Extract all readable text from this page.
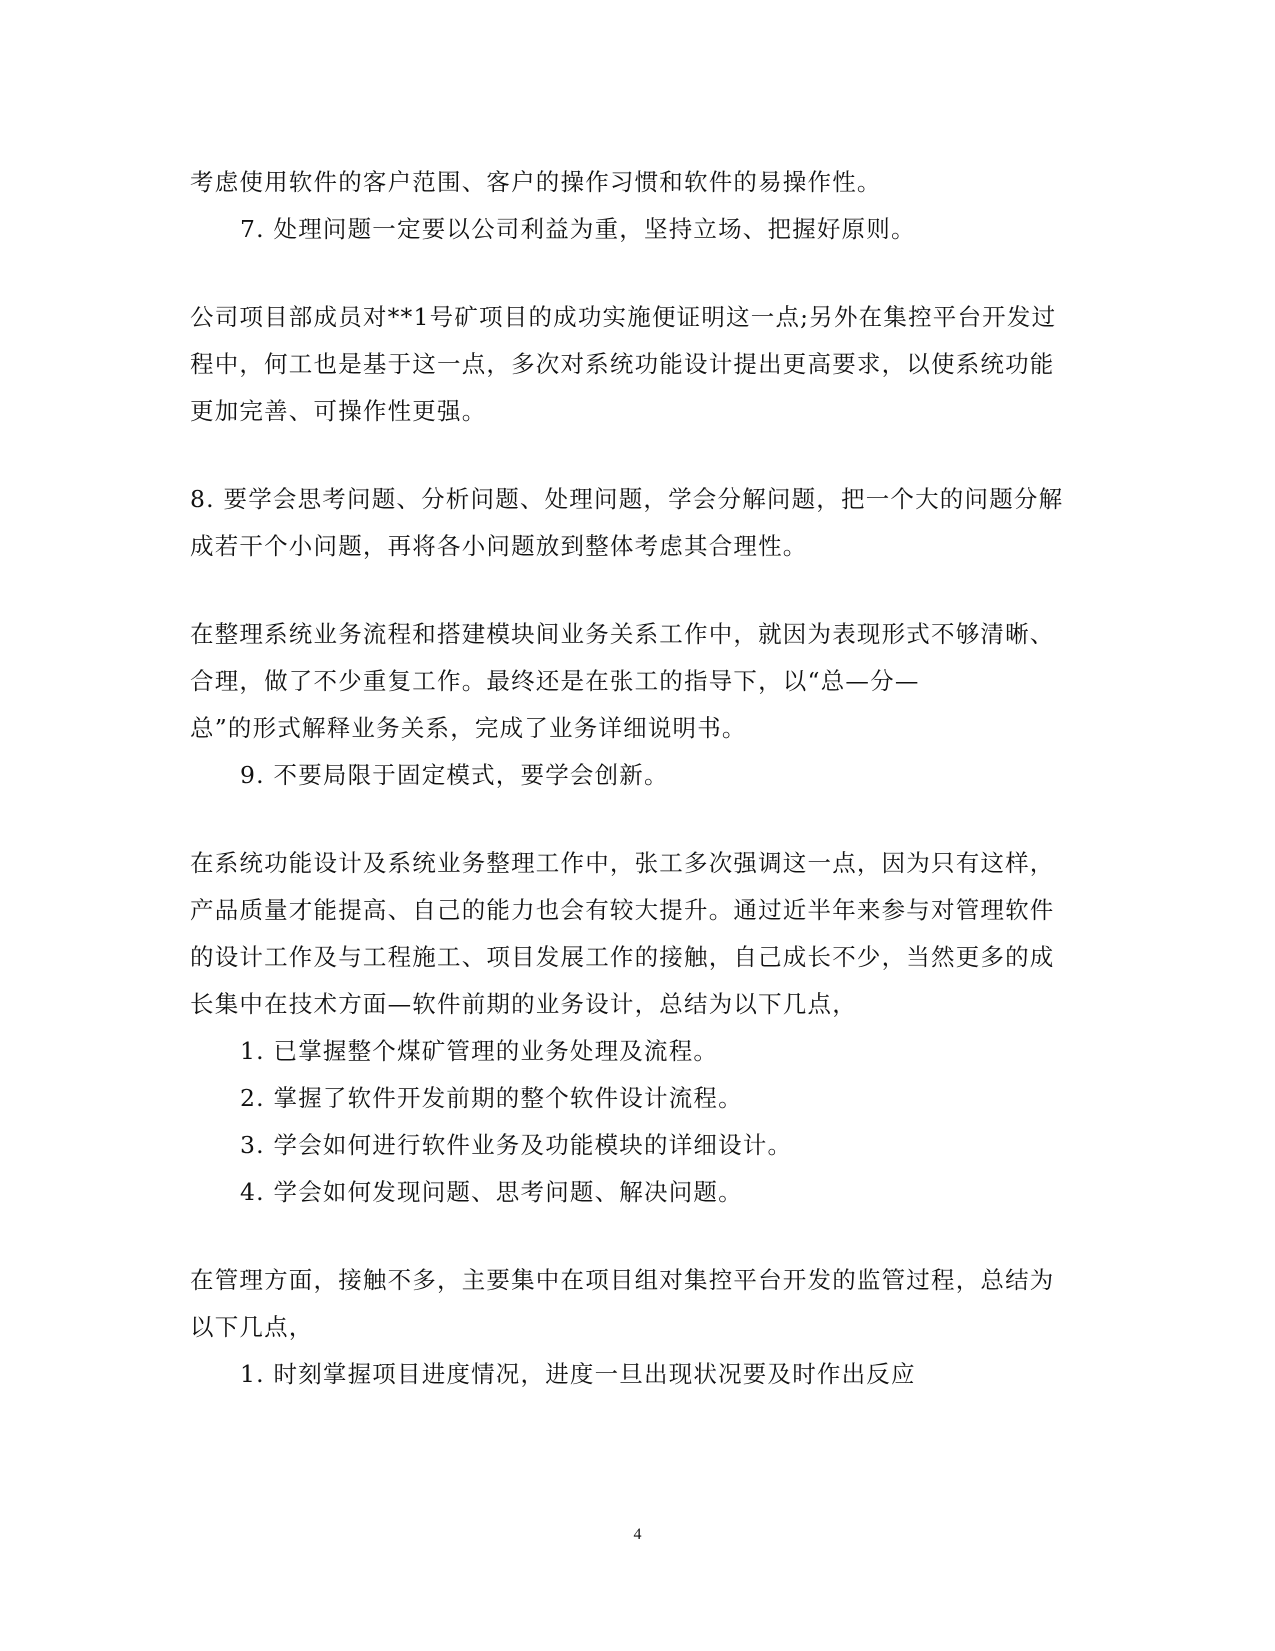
考虑使用软件的客户范围、客户的操作习惯和软件的易操作性。
7. 处理问题一定要以公司利益为重，坚持立场、把握好原则。
公司项目部成员对**1号矿项目的成功实施便证明这一点;另外在集控平台开发过
程中，何工也是基于这一点，多次对系统功能设计提出更高要求，以使系统功能
更加完善、可操作性更强。
8. 要学会思考问题、分析问题、处理问题，学会分解问题，把一个大的问题分解
成若干个小问题，再将各小问题放到整体考虑其合理性。
在整理系统业务流程和搭建模块间业务关系工作中，就因为表现形式不够清晰、
合理，做了不少重复工作。最终还是在张工的指导下，以“总—分—
总”的形式解释业务关系，完成了业务详细说明书。
9. 不要局限于固定模式，要学会创新。
在系统功能设计及系统业务整理工作中，张工多次强调这一点，因为只有这样，
产品质量才能提高、自己的能力也会有较大提升。通过近半年来参与对管理软件
的设计工作及与工程施工、项目发展工作的接触，自己成长不少，当然更多的成
长集中在技术方面—软件前期的业务设计，总结为以下几点，
1. 已掌握整个煤矿管理的业务处理及流程。
2. 掌握了软件开发前期的整个软件设计流程。
3. 学会如何进行软件业务及功能模块的详细设计。
4. 学会如何发现问题、思考问题、解决问题。
在管理方面，接触不多，主要集中在项目组对集控平台开发的监管过程，总结为
以下几点，
1. 时刻掌握项目进度情况，进度一旦出现状况要及时作出反应
4
